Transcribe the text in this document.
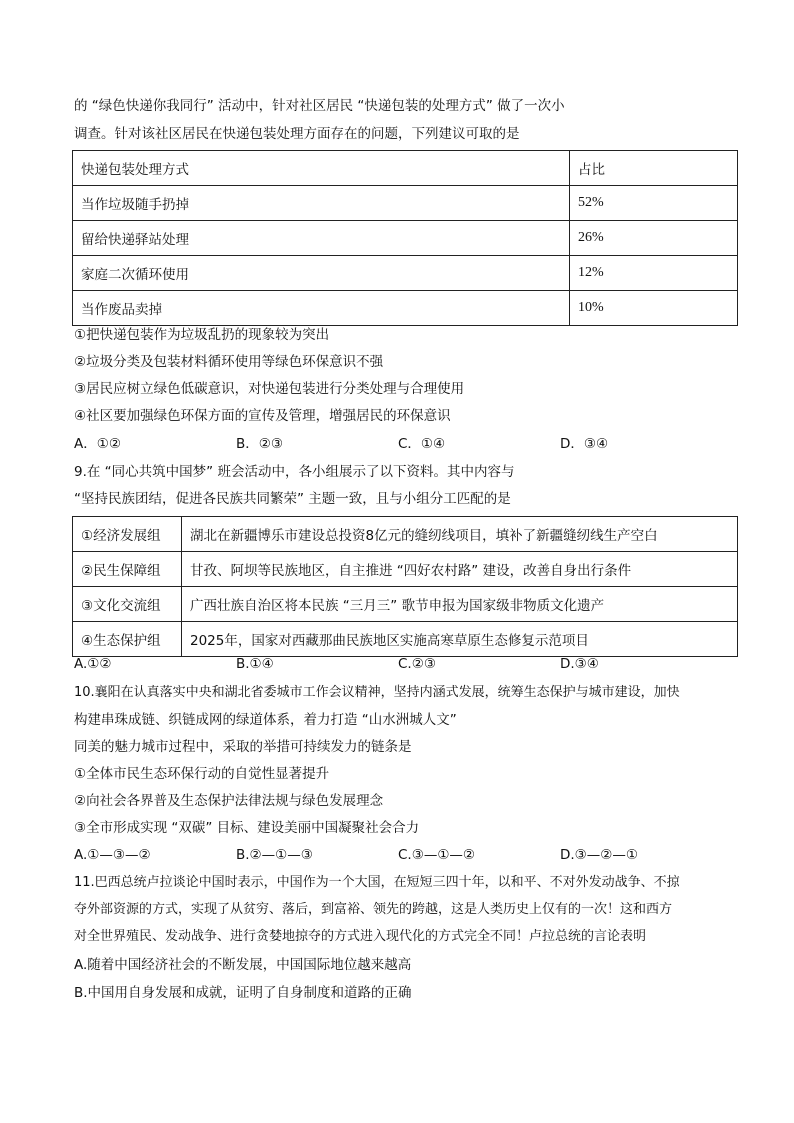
的 “绿色快递你我同行” 活动中，针对社区居民 “快递包装的处理方式” 做了一次小
调查。针对该社区居民在快递包装处理方面存在的问题，下列建议可取的是
快递包装处理方式	占比
当作垃圾随手扔掉	52%
留给快递驿站处理	26%
家庭二次循环使用	12%
当作废品卖掉	10%
①把快递包装作为垃圾乱扔的现象较为突出
②垃圾分类及包装材料循环使用等绿色环保意识不强
③居民应树立绿色低碳意识，对快递包装进行分类处理与合理使用
④社区要加强绿色环保方面的宣传及管理，增强居民的环保意识
A．①②	B．②③	C．①④	D．③④
9.在 “同心共筑中国梦” 班会活动中，各小组展示了以下资料。其中内容与
“坚持民族团结，促进各民族共同繁荣” 主题一致，且与小组分工匹配的是
①经济发展组	湖北在新疆博乐市建设总投资8亿元的缝纫线项目，填补了新疆缝纫线生产空白
②民生保障组	甘孜、阿坝等民族地区，自主推进 “四好农村路” 建设，改善自身出行条件
③文化交流组	广西壮族自治区将本民族 “三月三” 歌节申报为国家级非物质文化遗产
④生态保护组	2025年，国家对西藏那曲民族地区实施高寒草原生态修复示范项目
A.①②	B.①④	C.②③	D.③④
10.襄阳在认真落实中央和湖北省委城市工作会议精神，坚持内涵式发展，统筹生态保护与城市建设，加快
构建串珠成链、织链成网的绿道体系，着力打造 “山水洲城人文”
同美的魅力城市过程中，采取的举措可持续发力的链条是
①全体市民生态环保行动的自觉性显著提升
②向社会各界普及生态保护法律法规与绿色发展理念
③全市形成实现 “双碳” 目标、建设美丽中国凝聚社会合力
A.①—③—②	B.②—①—③	C.③—①—②	D.③—②—①
11.巴西总统卢拉谈论中国时表示，中国作为一个大国，在短短三四十年，以和平、不对外发动战争、不掠
夺外部资源的方式，实现了从贫穷、落后，到富裕、领先的跨越，这是人类历史上仅有的一次！这和西方
对全世界殖民、发动战争、进行贪婪地掠夺的方式进入现代化的方式完全不同！卢拉总统的言论表明
A.随着中国经济社会的不断发展，中国国际地位越来越高
B.中国用自身发展和成就，证明了自身制度和道路的正确
